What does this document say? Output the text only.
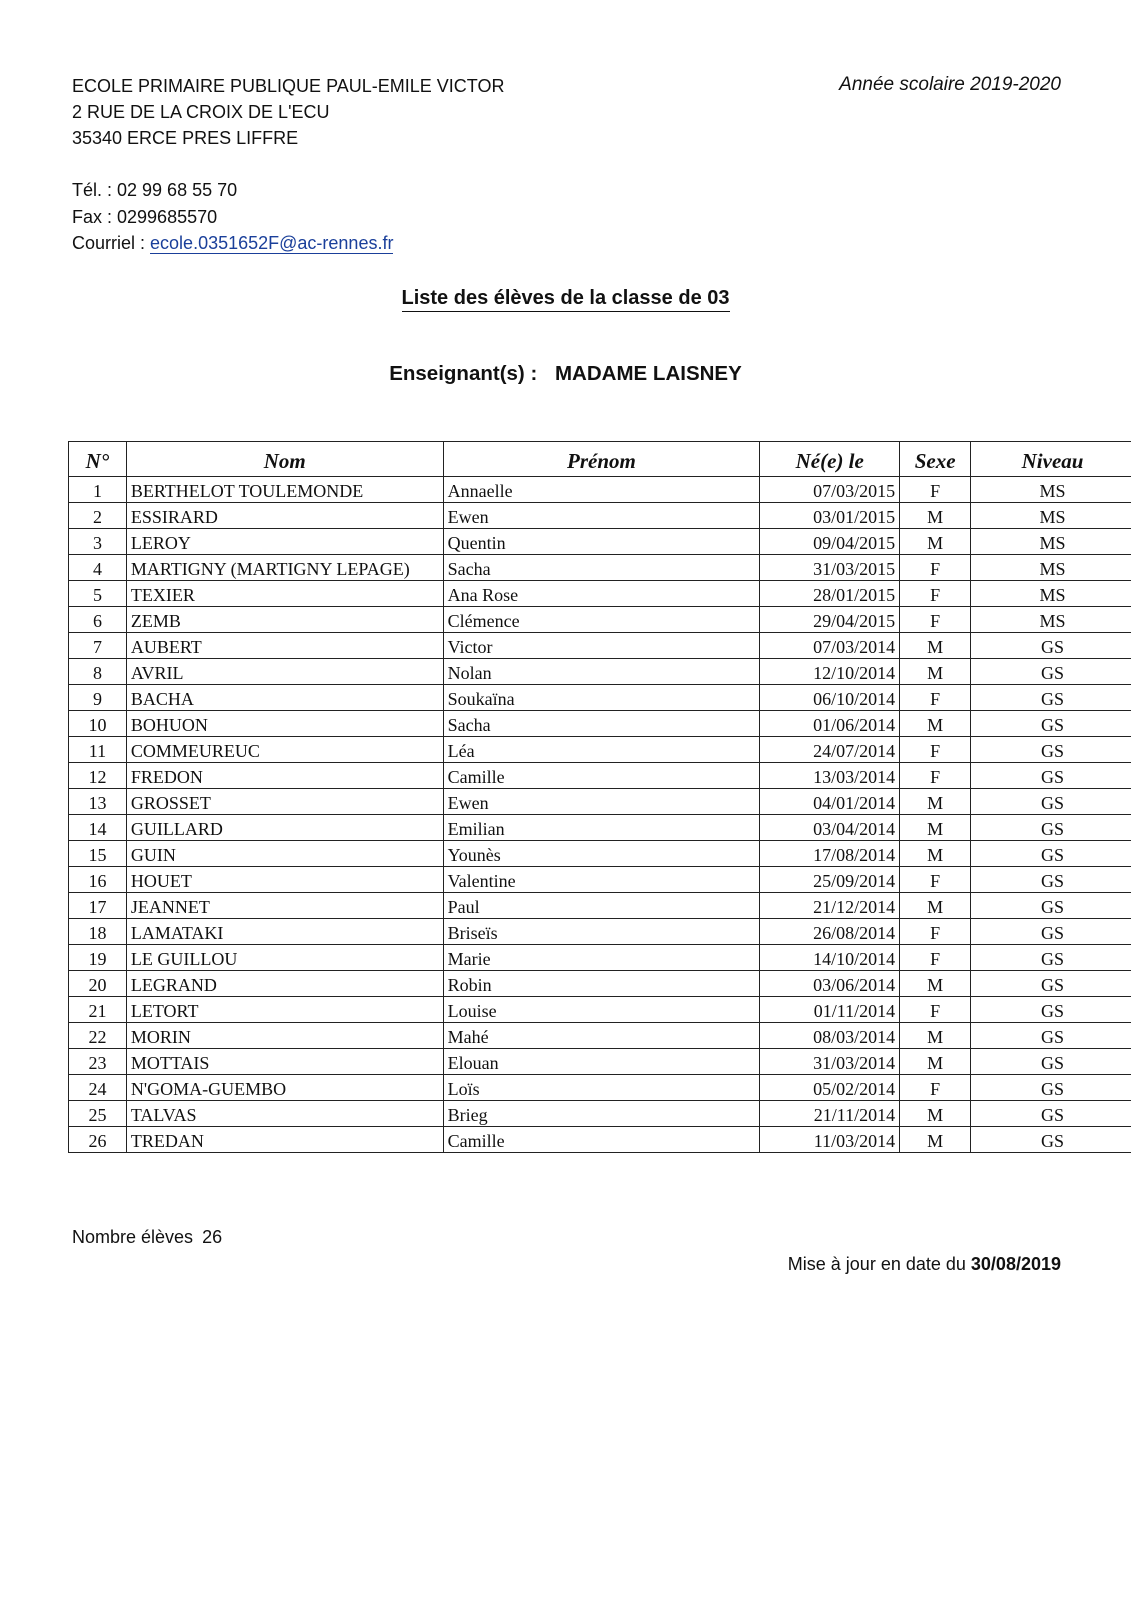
ECOLE PRIMAIRE PUBLIQUE PAUL-EMILE VICTOR
2 RUE DE LA CROIX DE L'ECU
35340 ERCE PRES LIFFRE
Année scolaire 2019-2020
Tél. : 02 99 68 55 70
Fax : 0299685570
Courriel : ecole.0351652F@ac-rennes.fr
Liste des élèves de la classe de 03
Enseignant(s) : MADAME LAISNEY
N°	Nom	Prénom	Né(e) le	Sexe	Niveau
1	BERTHELOT TOULEMONDE	Annaelle	07/03/2015	F	MS
2	ESSIRARD	Ewen	03/01/2015	M	MS
3	LEROY	Quentin	09/04/2015	M	MS
4	MARTIGNY (MARTIGNY LEPAGE)	Sacha	31/03/2015	F	MS
5	TEXIER	Ana Rose	28/01/2015	F	MS
6	ZEMB	Clémence	29/04/2015	F	MS
7	AUBERT	Victor	07/03/2014	M	GS
8	AVRIL	Nolan	12/10/2014	M	GS
9	BACHA	Soukaïna	06/10/2014	F	GS
10	BOHUON	Sacha	01/06/2014	M	GS
11	COMMEUREUC	Léa	24/07/2014	F	GS
12	FREDON	Camille	13/03/2014	F	GS
13	GROSSET	Ewen	04/01/2014	M	GS
14	GUILLARD	Emilian	03/04/2014	M	GS
15	GUIN	Younès	17/08/2014	M	GS
16	HOUET	Valentine	25/09/2014	F	GS
17	JEANNET	Paul	21/12/2014	M	GS
18	LAMATAKI	Briseïs	26/08/2014	F	GS
19	LE GUILLOU	Marie	14/10/2014	F	GS
20	LEGRAND	Robin	03/06/2014	M	GS
21	LETORT	Louise	01/11/2014	F	GS
22	MORIN	Mahé	08/03/2014	M	GS
23	MOTTAIS	Elouan	31/03/2014	M	GS
24	N'GOMA-GUEMBO	Loïs	05/02/2014	F	GS
25	TALVAS	Brieg	21/11/2014	M	GS
26	TREDAN	Camille	11/03/2014	M	GS
Nombre élèves 26
Mise à jour en date du 30/08/2019
